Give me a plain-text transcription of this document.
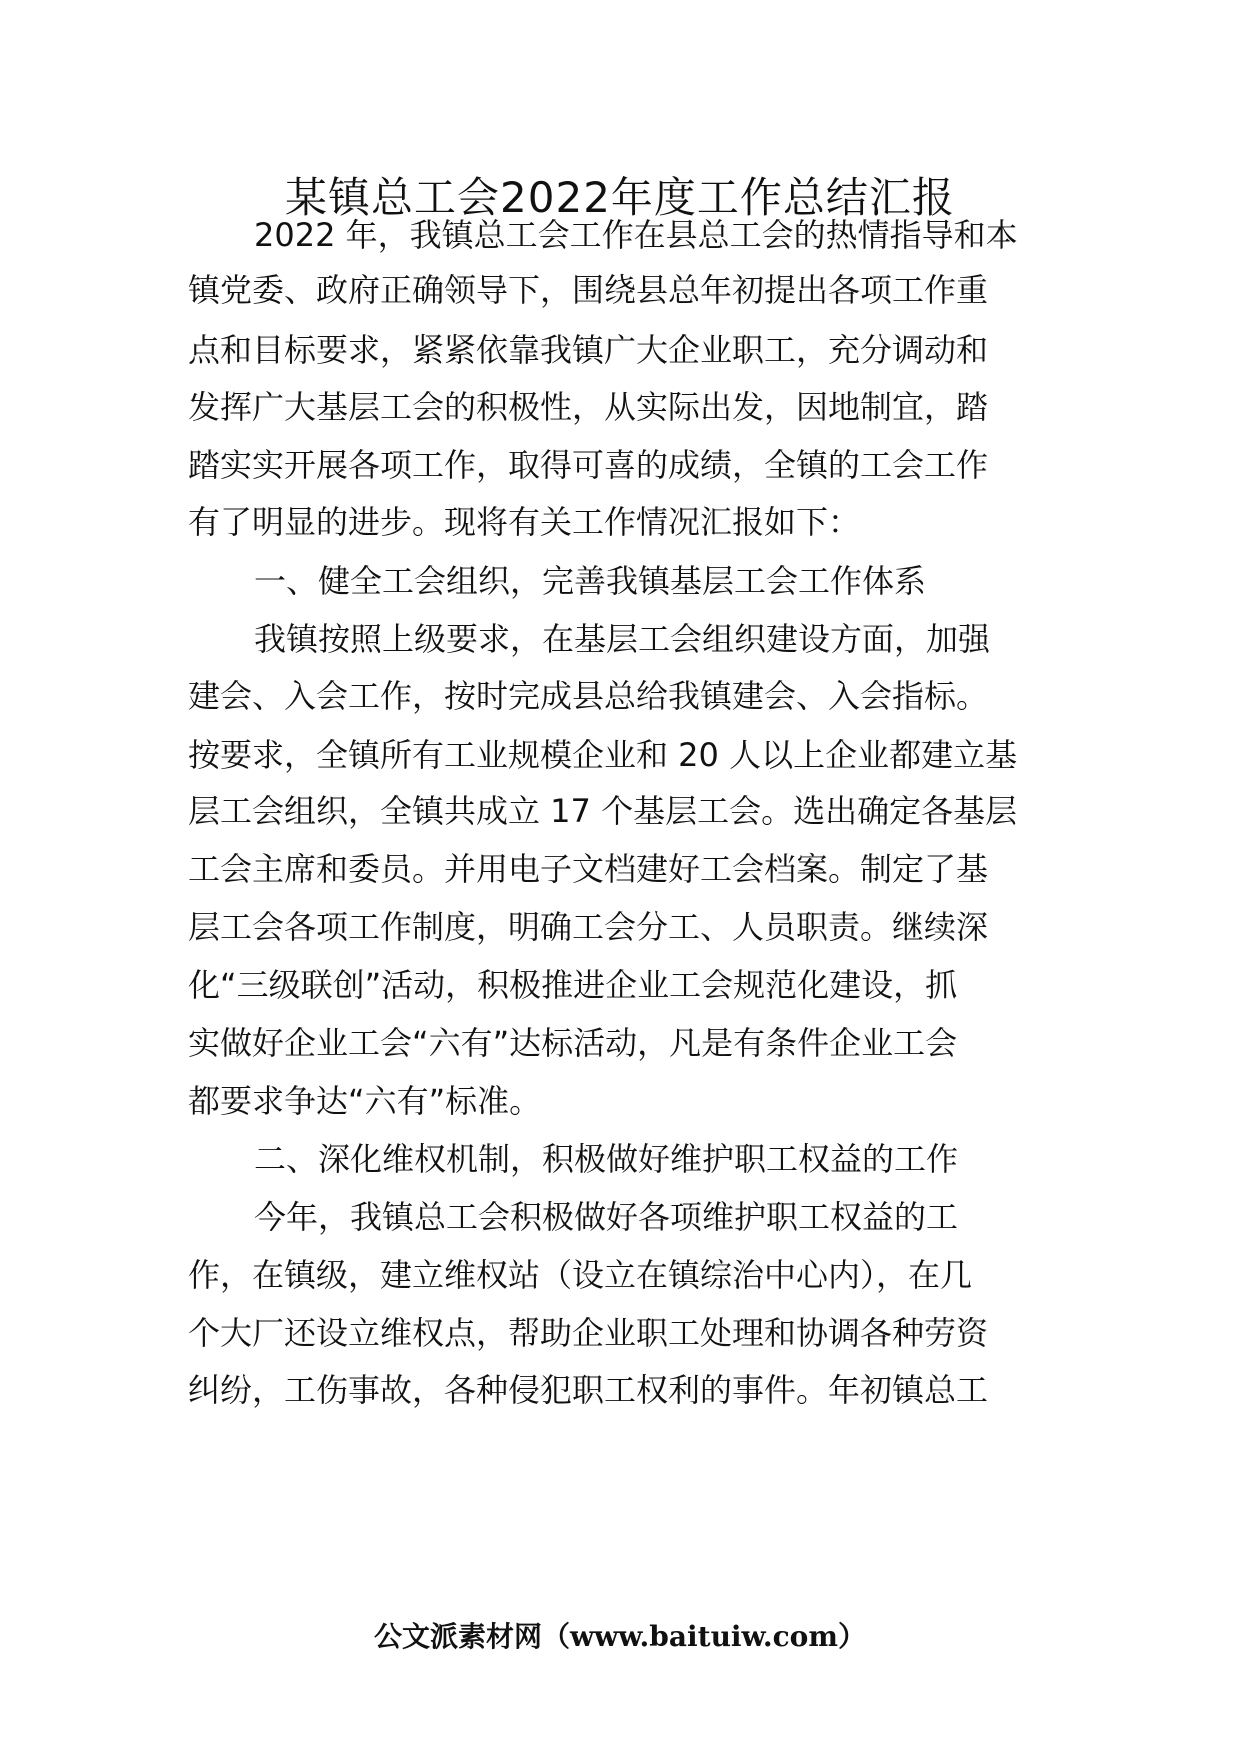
某镇总工会2022年度工作总结汇报
2022 年，我镇总工会工作在县总工会的热情指导和本
镇党委、政府正确领导下，围绕县总年初提出各项工作重
点和目标要求，紧紧依靠我镇广大企业职工，充分调动和
发挥广大基层工会的积极性，从实际出发，因地制宜，踏
踏实实开展各项工作，取得可喜的成绩，全镇的工会工作
有了明显的进步。现将有关工作情况汇报如下：
一、健全工会组织，完善我镇基层工会工作体系
我镇按照上级要求，在基层工会组织建设方面，加强
建会、入会工作，按时完成县总给我镇建会、入会指标。
按要求，全镇所有工业规模企业和 20 人以上企业都建立基
层工会组织，全镇共成立 17 个基层工会。选出确定各基层
工会主席和委员。并用电子文档建好工会档案。制定了基
层工会各项工作制度，明确工会分工、人员职责。继续深
化“三级联创”活动，积极推进企业工会规范化建设，抓
实做好企业工会“六有”达标活动，凡是有条件企业工会
都要求争达“六有”标准。
二、深化维权机制，积极做好维护职工权益的工作
今年，我镇总工会积极做好各项维护职工权益的工
作，在镇级，建立维权站（设立在镇综治中心内），在几
个大厂还设立维权点，帮助企业职工处理和协调各种劳资
纠纷，工伤事故，各种侵犯职工权利的事件。年初镇总工
公文派素材网（www.baituiw.com）
